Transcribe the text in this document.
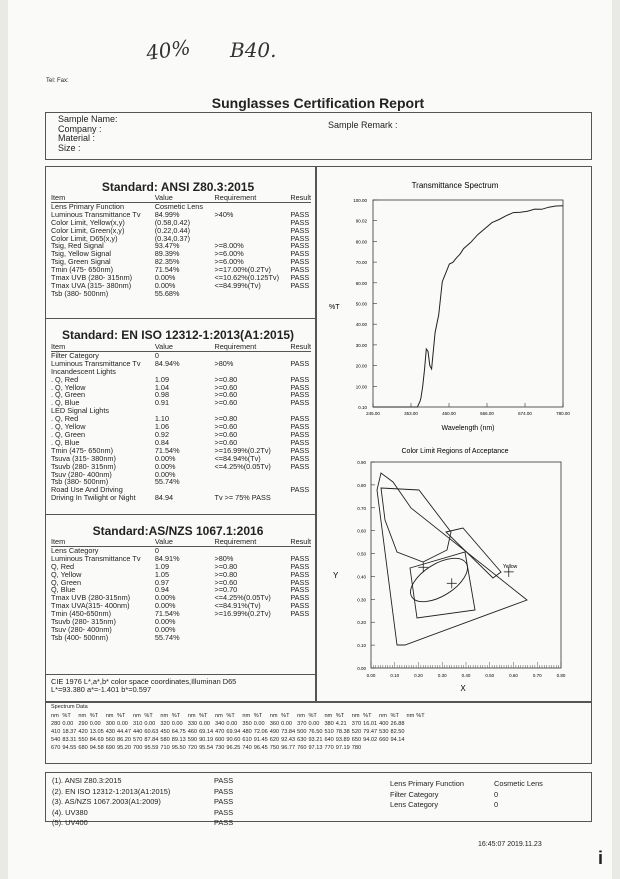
40% B40.
Tel: Fax:
Sunglasses Certification Report
Sample Name:
Company :
Material :
Size :
Sample Remark :
Standard: ANSI Z80.3:2015
Item	Value	Requirement	Result
Lens Primary Function	Cosmetic Lens		
Luminous Transmittance Tv	84.99%	>40%	PASS
Color Limit, Yellow(x,y)	(0.58,0.42)		PASS
Color Limit, Green(x,y)	(0.22,0.44)		PASS
Color Limit, D65(x,y)	(0.34,0.37)		PASS
Tsig, Red Signal	93.47%	>=8.00%	PASS
Tsig, Yellow Signal	89.39%	>=6.00%	PASS
Tsig, Green Signal	82.35%	>=6.00%	PASS
Tmin (475- 650nm)	71.54%	>=17.00%(0.2Tv)	PASS
Tmax UVB (280- 315nm)	0.00%	<=10.62%(0.125Tv)	PASS
Tmax UVA (315- 380nm)	0.00%	<=84.99%(Tv)	PASS
Tsb (380- 500nm)	55.68%		
Standard: EN ISO 12312-1:2013(A1:2015)
Item	Value	Requirement	Result
Filter Category	0		
Luminous Transmittance Tv	84.94%	>80%	PASS
Incandescent Lights			
. Q, Red	1.09	>=0.80	PASS
. Q, Yellow	1.04	>=0.60	PASS
. Q, Green	0.98	>=0.60	PASS
. Q, Blue	0.91	>=0.60	PASS
LED Signal Lights			
. Q, Red	1.10	>=0.80	PASS
. Q, Yellow	1.06	>=0.60	PASS
. Q, Green	0.92	>=0.60	PASS
. Q, Blue	0.84	>=0.60	PASS
Tmin (475- 650nm)	71.54%	>=16.99%(0.2Tv)	PASS
Tsuva (315- 380nm)	0.00%	<=84.94%(Tv)	PASS
Tsuvb (280- 315nm)	0.00%	<=4.25%(0.05Tv)	PASS
Tsuv (280- 400nm)	0.00%		
Tsb (380- 500nm)	55.74%		
Road Use And Driving			PASS
Driving In Twilight or Night	84.94	Tv >= 75% PASS	
Standard:AS/NZS 1067.1:2016
Item	Value	Requirement	Result
Lens Category	0		
Luminous Transmittance Tv	84.91%	>80%	PASS
Q, Red	1.09	>=0.80	PASS
Q, Yellow	1.05	>=0.80	PASS
Q, Green	0.97	>=0.60	PASS
Q, Blue	0.94	>=0.70	PASS
Tmax UVB (280-315nm)	0.00%	<=4.25%(0.05Tv)	PASS
Tmax UVA(315- 400nm)	0.00%	<=84.91%(Tv)	PASS
Tmin (450-650nm)	71.54%	>=16.99%(0.2Tv)	PASS
Tsuvb (280- 315nm)	0.00%		
Tsuv (280- 400nm)	0.00%		
Tsb (400- 500nm)	55.74%		
CIE 1976 L*,a*,b* color space coordinates,Illuminan D65
L*=93.380 a*=-1.401 b*=0.597
Transmittance Spectrum
%T
Wavelength (nm)
0.10
10.00
20.00
30.00
40.00
50.00
60.00
70.00
80.00
90.02
100.00
245.00	353.00	460.00	566.00	674.00	780.00
Color Limit Regions of Acceptance
Y
X
0.00
0.10
0.20
0.30
0.40
0.50
0.60
0.70
0.80
0.90
0.00	0.10	0.20	0.30	0.40	0.50	0.60	0.70	0.80
Yellow
Spectrum Data
nm	%T	nm	%T	nm	%T	nm	%T	nm	%T	nm	%T	nm	%T	nm	%T	nm	%T	nm	%T	nm	%T	nm	%T	nm	%T	nm	%T
280	0.00	290	0.00	300	0.00	310	0.00	320	0.00	330	0.00	340	0.00	350	0.00	360	0.00	370	0.00	380	4.21	370	16.01	400	26.88		
410	18.37	420	13.05	430	44.47	440	60.63	450	64.75	460	69.14	470	69.94	480	72.06	490	73.84	500	76.50	510	78.38	520	79.47	530	82.50		
540	83.31	550	84.69	560	86.20	570	87.84	580	89.13	590	90.19	600	90.60	610	91.45	620	92.43	630	93.21	640	93.89	650	94.02	660	94.14		
670	94.55	680	94.58	690	95.20	700	95.59	710	95.50	720	95.54	730	96.25	740	96.45	750	96.77	760	97.13	770	97.19	780					
(1). ANSI Z80.3:2015	PASS
(2). EN ISO 12312-1:2013(A1:2015)	PASS
(3). AS/NZS 1067.2003(A1:2009)	PASS
(4). UV380	PASS
(5). UV400	PASS
Lens Primary Function	Cosmetic Lens
Filter Category	0
Lens Category	0
16:45:07 2019.11.23
i
